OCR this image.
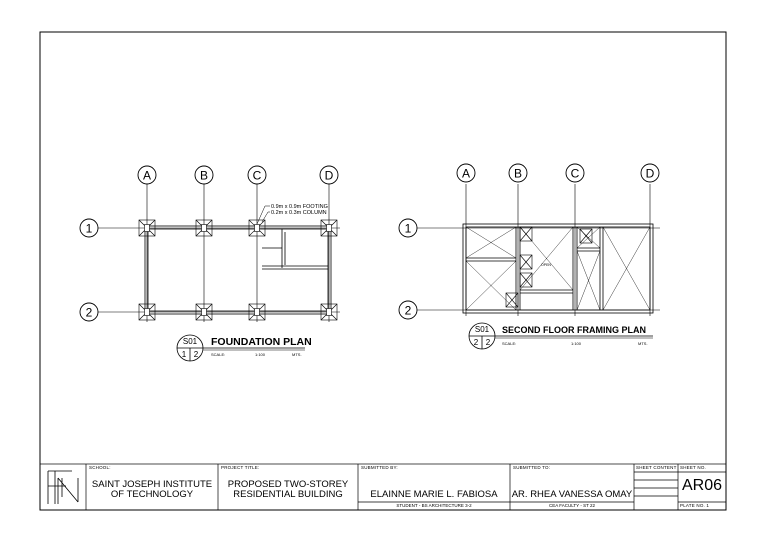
0.9m x 0.9m FOOTING
0.2m x 0.3m COLUMN
A	B	C	D
1
2
S01
1 2
FOUNDATION PLAN
SCALE:	1:100	MTS.
OPEN
A	B	C	D
1
2
S01
2 2
SECOND FLOOR FRAMING PLAN
SCALE:	1:100	MTS.
SCHOOL:
SAINT JOSEPH INSTITUTE
OF TECHNOLOGY
PROJECT TITLE:
PROPOSED TWO-STOREY
RESIDENTIAL BUILDING
SUBMITTED BY:
ELAINNE MARIE L. FABIOSA
STUDENT - BS ARCHITECTURE 3-2
SUBMITTED TO:
AR. RHEA VANESSA OMAY
CEA FACULTY - ST 22
SHEET CONTENT SHEET NO.
AR06
PLATE NO. 1
